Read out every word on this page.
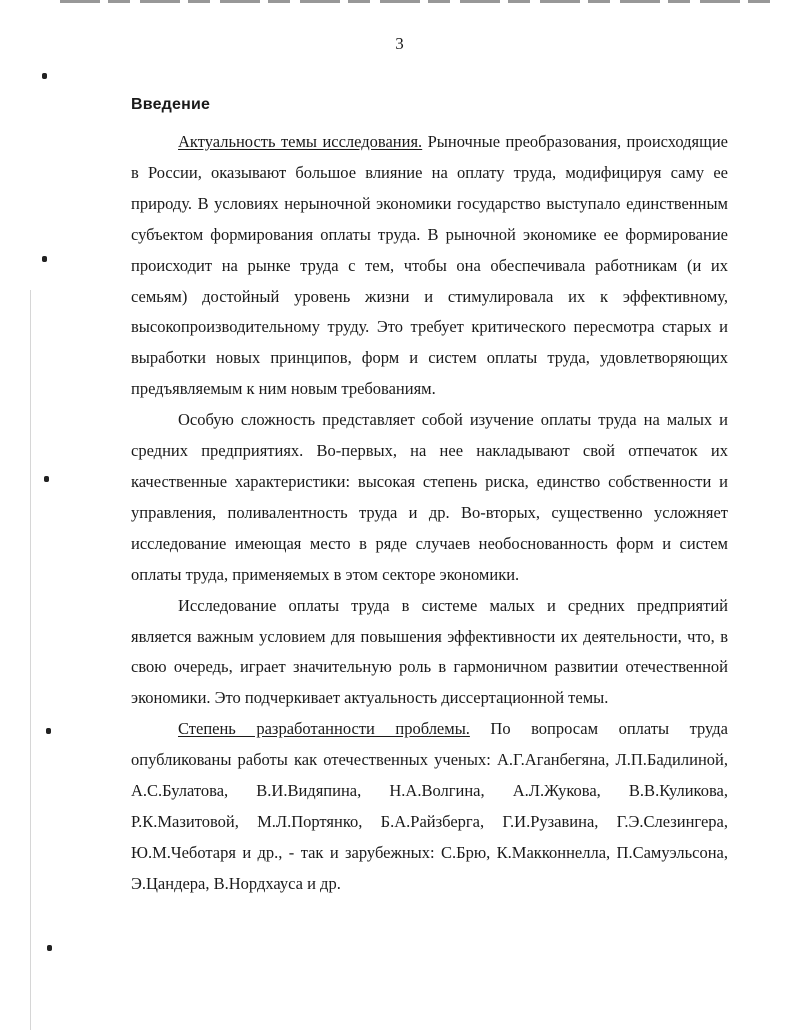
3
Введение

Актуальность темы исследования. Рыночные преобразования, происходящие в России, оказывают большое влияние на оплату труда, модифицируя саму ее природу. В условиях нерыночной экономики государство выступало единственным субъектом формирования оплаты труда. В рыночной экономике ее формирование происходит на рынке труда с тем, чтобы она обеспечивала работникам (и их семьям) достойный уровень жизни и стимулировала их к эффективному, высокопроизводительному труду. Это требует критического пересмотра старых и выработки новых принципов, форм и систем оплаты труда, удовлетворяющих предъявляемым к ним новым требованиям.

Особую сложность представляет собой изучение оплаты труда на малых и средних предприятиях. Во-первых, на нее накладывают свой отпечаток их качественные характеристики: высокая степень риска, единство собственности и управления, поливалентность труда и др. Во-вторых, существенно усложняет исследование имеющая место в ряде случаев необоснованность форм и систем оплаты труда, применяемых в этом секторе экономики.

Исследование оплаты труда в системе малых и средних предприятий является важным условием для повышения эффективности их деятельности, что, в свою очередь, играет значительную роль в гармоничном развитии отечественной экономики. Это подчеркивает актуальность диссертационной темы.

Степень разработанности проблемы. По вопросам оплаты труда опубликованы работы как отечественных ученых: А.Г.Аганбегяна, Л.П.Бадилиной, А.С.Булатова, В.И.Видяпина, Н.А.Волгина, А.Л.Жукова, В.В.Куликова, Р.К.Мазитовой, М.Л.Портянко, Б.А.Райзберга, Г.И.Рузавина, Г.Э.Слезингера, Ю.М.Чеботаря и др., - так и зарубежных: С.Брю, К.Макконнелла, П.Самуэльсона, Э.Цандера, В.Нордхауса и др.
